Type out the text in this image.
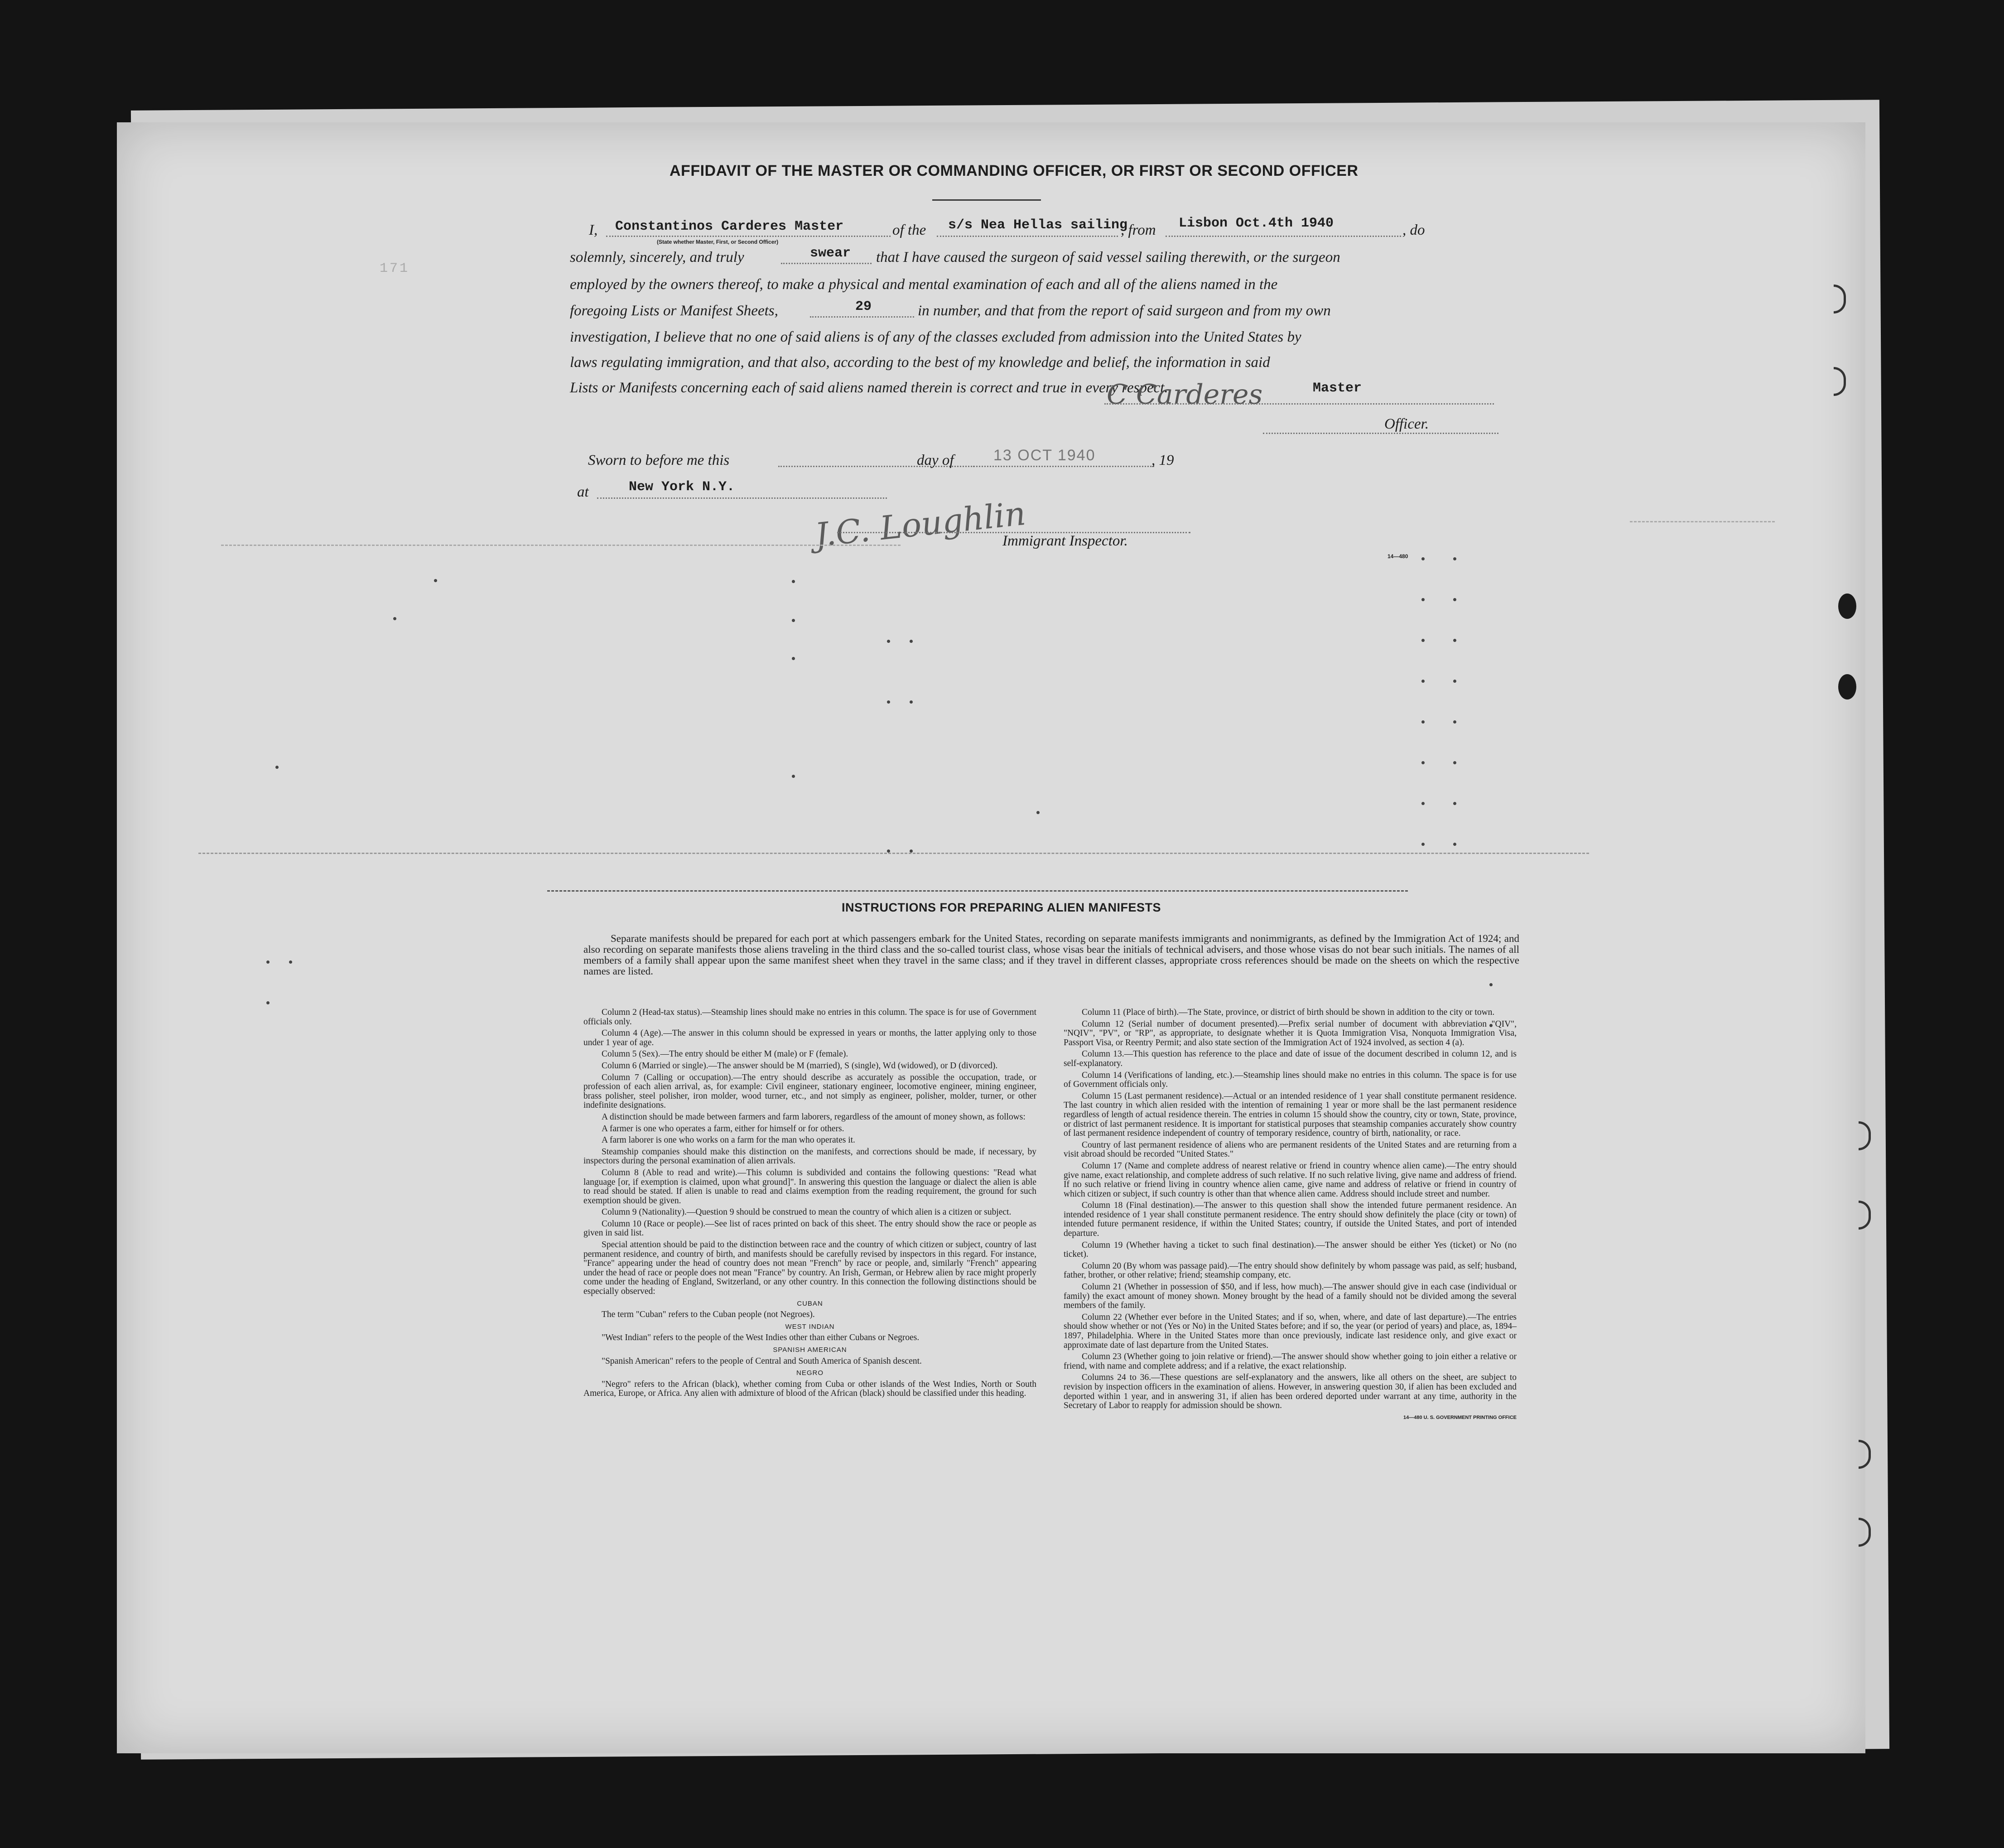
AFFIDAVIT OF THE MASTER OR COMMANDING OFFICER, OR FIRST OR SECOND OFFICER
I, Constantinos Carderes Master	of the s/s Nea Hellas sailing
, from Lisbon Oct.4th 1940	, do
(State whether Master, First, or Second Officer)
solemnly, sincerely, and truly	swear that I have caused the surgeon of said vessel sailing therewith, or the surgeon
employed by the owners thereof, to make a physical and mental examination of each and all of the aliens named in the
foregoing Lists or Manifest Sheets,	29	in number, and that from the report of said surgeon and from my own
investigation, I believe that no one of said aliens is of any of the classes excluded from admission into the United States by
laws regulating immigration, and that also, according to the best of my knowledge and belief, the information in said
Lists or Manifests concerning each of said aliens named therein is correct and true in every respect.
C Carderes	Master
Officer.
Sworn to before me this	day of	13 OCT 1940	, 19
at	New York N.Y.
J.C. Loughlin
Immigrant Inspector.
14—480
171
INSTRUCTIONS FOR PREPARING ALIEN MANIFESTS
Separate manifests should be prepared for each port at which passengers embark for the United States, recording on separate manifests immigrants and nonimmigrants, as defined by the Immigration Act of 1924; and also recording on separate manifests those aliens traveling in the third class and the so-called tourist class, whose visas bear the initials of technical advisers, and those whose visas do not bear such initials. The names of all members of a family shall appear upon the same manifest sheet when they travel in the same class; and if they travel in different classes, appropriate cross references should be made on the sheets on which the respective names are listed.
Column 2 (Head-tax status).—Steamship lines should make no entries in this column. The space is for use of Government officials only.
Column 4 (Age).—The answer in this column should be expressed in years or months, the latter applying only to those under 1 year of age.
Column 5 (Sex).—The entry should be either M (male) or F (female).
Column 6 (Married or single).—The answer should be M (married), S (single), Wd (widowed), or D (divorced).
Column 7 (Calling or occupation).—The entry should describe as accurately as possible the occupation, trade, or profession of each alien arrival, as, for example: Civil engineer, stationary engineer, locomotive engineer, mining engineer, brass polisher, steel polisher, iron molder, wood turner, etc., and not simply as engineer, polisher, molder, turner, or other indefinite designations.
A distinction should be made between farmers and farm laborers, regardless of the amount of money shown, as follows:
A farmer is one who operates a farm, either for himself or for others.
A farm laborer is one who works on a farm for the man who operates it.
Steamship companies should make this distinction on the manifests, and corrections should be made, if necessary, by inspectors during the personal examination of alien arrivals.
Column 8 (Able to read and write).—This column is subdivided and contains the following questions: "Read what language [or, if exemption is claimed, upon what ground]". In answering this question the language or dialect the alien is able to read should be stated. If alien is unable to read and claims exemption from the reading requirement, the ground for such exemption should be given.
Column 9 (Nationality).—Question 9 should be construed to mean the country of which alien is a citizen or subject.
Column 10 (Race or people).—See list of races printed on back of this sheet. The entry should show the race or people as given in said list.
Special attention should be paid to the distinction between race and the country of which citizen or subject, country of last permanent residence, and country of birth, and manifests should be carefully revised by inspectors in this regard. For instance, "France" appearing under the head of country does not mean "French" by race or people, and, similarly "French" appearing under the head of race or people does not mean "France" by country. An Irish, German, or Hebrew alien by race might properly come under the heading of England, Switzerland, or any other country. In this connection the following distinctions should be especially observed:
CUBAN
The term "Cuban" refers to the Cuban people (not Negroes).
WEST INDIAN
"West Indian" refers to the people of the West Indies other than either Cubans or Negroes.
SPANISH AMERICAN
"Spanish American" refers to the people of Central and South America of Spanish descent.
NEGRO
"Negro" refers to the African (black), whether coming from Cuba or other islands of the West Indies, North or South America, Europe, or Africa. Any alien with admixture of blood of the African (black) should be classified under this heading.
Column 11 (Place of birth).—The State, province, or district of birth should be shown in addition to the city or town.
Column 12 (Serial number of document presented).—Prefix serial number of document with abbreviation "QIV", "NQIV", "PV", or "RP", as appropriate, to designate whether it is Quota Immigration Visa, Nonquota Immigration Visa, Passport Visa, or Reentry Permit; and also state section of the Immigration Act of 1924 involved, as section 4 (a).
Column 13.—This question has reference to the place and date of issue of the document described in column 12, and is self-explanatory.
Column 14 (Verifications of landing, etc.).—Steamship lines should make no entries in this column. The space is for use of Government officials only.
Column 15 (Last permanent residence).—Actual or an intended residence of 1 year shall constitute permanent residence. The last country in which alien resided with the intention of remaining 1 year or more shall be the last permanent residence regardless of length of actual residence therein. The entries in column 15 should show the country, city or town, State, province, or district of last permanent residence. It is important for statistical purposes that steamship companies accurately show country of last permanent residence independent of country of temporary residence, country of birth, nationality, or race.
Country of last permanent residence of aliens who are permanent residents of the United States and are returning from a visit abroad should be recorded "United States."
Column 17 (Name and complete address of nearest relative or friend in country whence alien came).—The entry should give name, exact relationship, and complete address of such relative. If no such relative living, give name and address of friend. If no such relative or friend living in country whence alien came, give name and address of relative or friend in country of which citizen or subject, if such country is other than that whence alien came. Address should include street and number.
Column 18 (Final destination).—The answer to this question shall show the intended future permanent residence. An intended residence of 1 year shall constitute permanent residence. The entry should show definitely the place (city or town) of intended future permanent residence, if within the United States; country, if outside the United States, and port of intended departure.
Column 19 (Whether having a ticket to such final destination).—The answer should be either Yes (ticket) or No (no ticket).
Column 20 (By whom was passage paid).—The entry should show definitely by whom passage was paid, as self; husband, father, brother, or other relative; friend; steamship company, etc.
Column 21 (Whether in possession of $50, and if less, how much).—The answer should give in each case (individual or family) the exact amount of money shown. Money brought by the head of a family should not be divided among the several members of the family.
Column 22 (Whether ever before in the United States; and if so, when, where, and date of last departure).—The entries should show whether or not (Yes or No) in the United States before; and if so, the year (or period of years) and place, as, 1894–1897, Philadelphia. Where in the United States more than once previously, indicate last residence only, and give exact or approximate date of last departure from the United States.
Column 23 (Whether going to join relative or friend).—The answer should show whether going to join either a relative or friend, with name and complete address; and if a relative, the exact relationship.
Columns 24 to 36.—These questions are self-explanatory and the answers, like all others on the sheet, are subject to revision by inspection officers in the examination of aliens. However, in answering question 30, if alien has been excluded and deported within 1 year, and in answering 31, if alien has been ordered deported under warrant at any time, authority in the Secretary of Labor to reapply for admission should be shown.
14—480 U. S. GOVERNMENT PRINTING OFFICE
